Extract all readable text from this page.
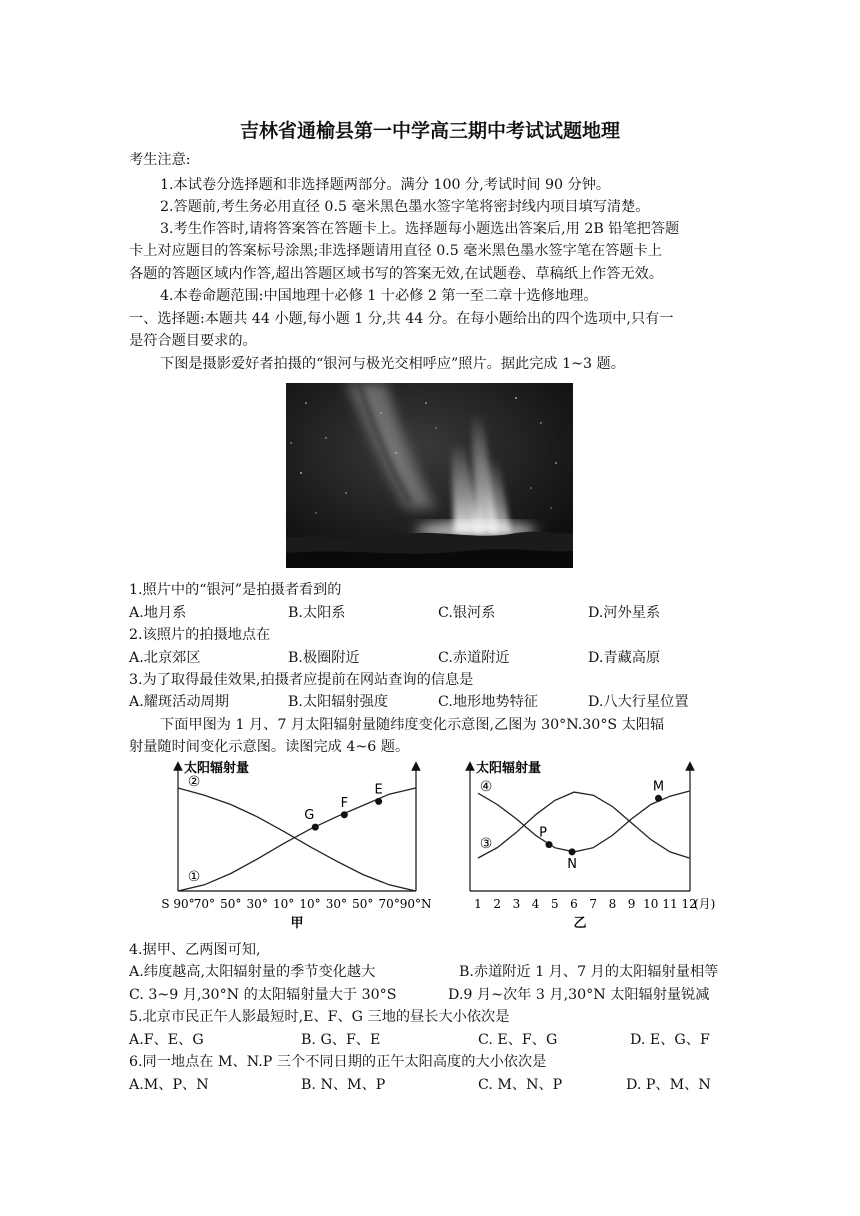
吉林省通榆县第一中学高三期中考试试题地理
考生注意:
1.本试卷分选择题和非选择题两部分。满分 100 分,考试时间 90 分钟。
2.答题前,考生务必用直径 0.5 毫米黑色墨水签字笔将密封线内项目填写清楚。
3.考生作答时,请将答案答在答题卡上。选择题每小题选出答案后,用 2B 铅笔把答题
卡上对应题目的答案标号涂黑;非选择题请用直径 0.5 毫米黑色墨水签字笔在答题卡上
各题的答题区域内作答,超出答题区域书写的答案无效,在试题卷、草稿纸上作答无效。
4.本卷命题范围:中国地理十必修 1 十必修 2 第一至二章十选修地理。
一、选择题:本题共 44 小题,每小题 1 分,共 44 分。在每小题给出的四个选项中,只有一
是符合题目要求的。
下图是摄影爱好者拍摄的“银河与极光交相呼应”照片。据此完成 1~3 题。
1.照片中的“银河”是拍摄者看到的
A.地月系	B.太阳系	C.银河系	D.河外星系
2.该照片的拍摄地点在
A.北京郊区	B.极圈附近	C.赤道附近	D.青藏高原
3.为了取得最佳效果,拍摄者应提前在网站查询的信息是
A.耀斑活动周期	B.太阳辐射强度	C.地形地势特征	D.八大行星位置
下面甲图为 1 月、7 月太阳辐射量随纬度变化示意图,乙图为 30°N.30°S 太阳辐
射量随时间变化示意图。读图完成 4~6 题。
太阳辐射量
S 90° 70° 50° 30° 10° 10° 30° 50° 70° 90°N
甲
②
①
G
F
E
太阳辐射量
1 2 3 4 5 6 7 8 9 10 11 12
(月)
乙
④
③
P
N
M
4.据甲、乙两图可知,
A.纬度越高,太阳辐射量的季节变化越大	B.赤道附近 1 月、7 月的太阳辐射量相等
C. 3~9 月,30°N 的太阳辐射量大于 30°S	D.9 月~次年 3 月,30°N 太阳辐射量锐减
5.北京市民正午人影最短时,E、F、G 三地的昼长大小依次是
A.F、E、G	B. G、F、E	C. E、F、G	D. E、G、F
6.同一地点在 M、N.P 三个不同日期的正午太阳高度的大小依次是
A.M、P、N	B. N、M、P	C. M、N、P	D. P、M、N
